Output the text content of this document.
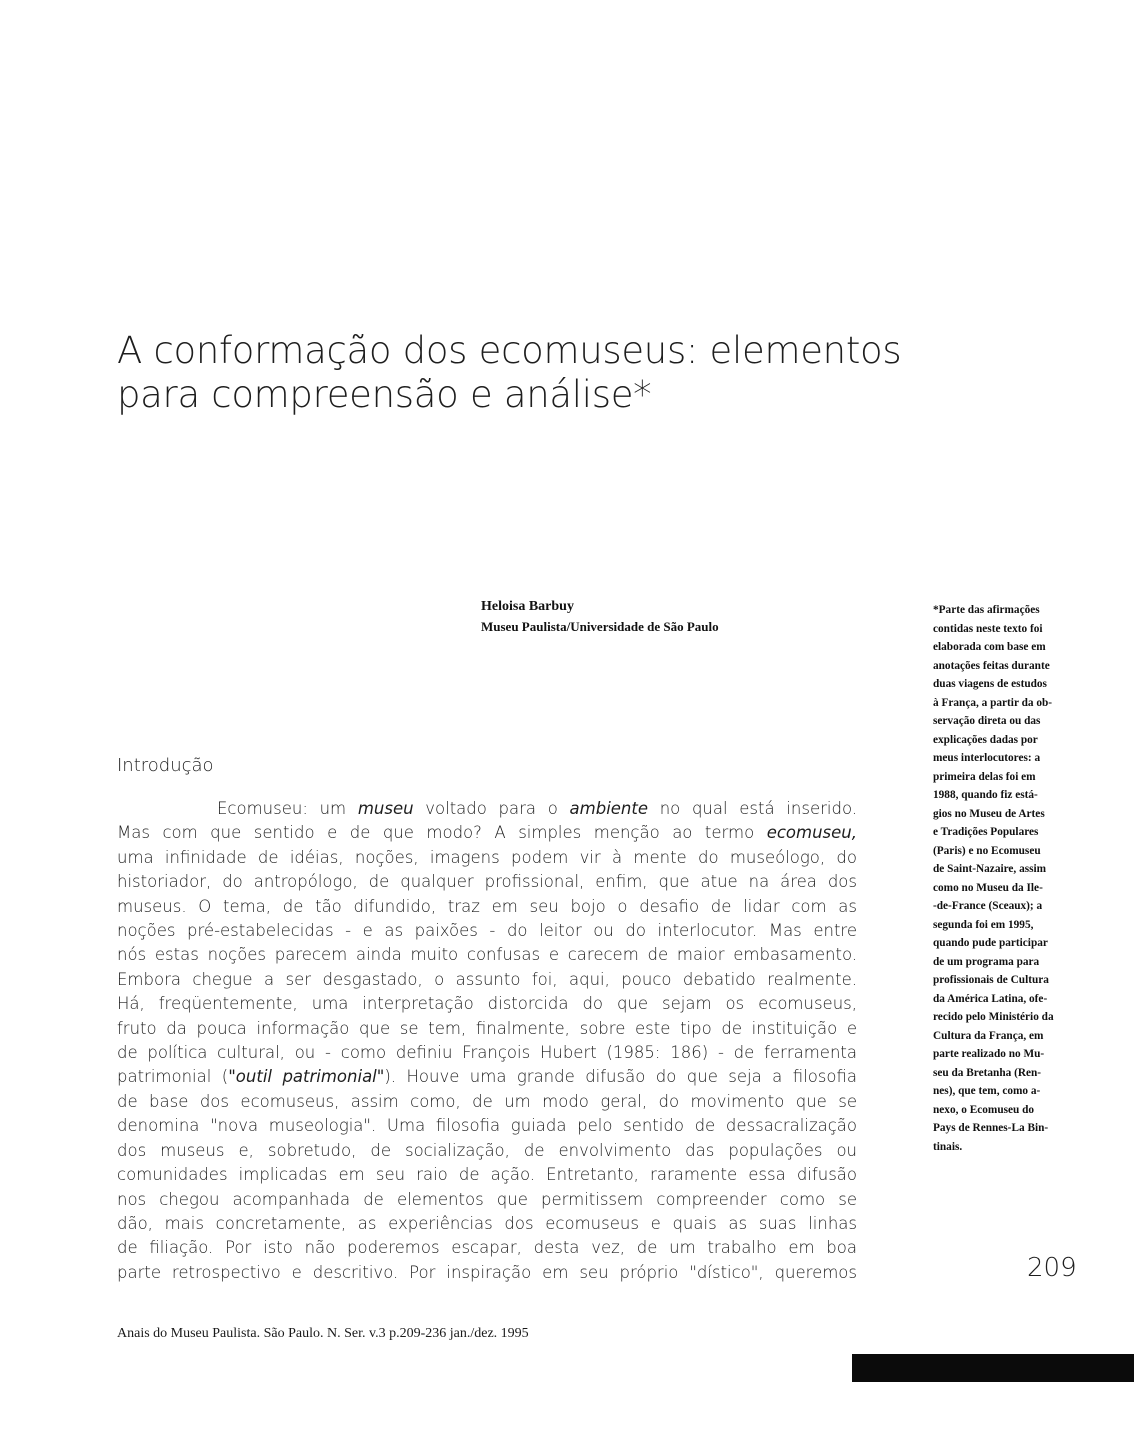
A conformação dos ecomuseus: elementos
para compreensão e análise*
Heloisa Barbuy
Museu Paulista/Universidade de São Paulo

*Parte das afirmações
contidas neste texto foi
elaborada com base em
anotações feitas durante
duas viagens de estudos
à França, a partir da ob-
servação direta ou das
explicações dadas por
meus interlocutores: a
primeira delas foi em
1988, quando fiz está-
gios no Museu de Artes
e Tradições Populares
(Paris) e no Ecomuseu
de Saint-Nazaire, assim
como no Museu da Ile-
-de-France (Sceaux); a
segunda foi em 1995,
quando pude participar
de um programa para
profissionais de Cultura
da América Latina, ofe-
recido pelo Ministério da
Cultura da França, em
parte realizado no Mu-
seu da Bretanha (Ren-
nes), que tem, como a-
nexo, o Ecomuseu do
Pays de Rennes-La Bin-
tinais.

Introdução

Ecomuseu: um museu voltado para o ambiente no qual está inserido.
Mas com que sentido e de que modo? A simples menção ao termo ecomuseu,
uma infinidade de idéias, noções, imagens podem vir à mente do museólogo, do
historiador, do antropólogo, de qualquer profissional, enfim, que atue na área dos
museus. O tema, de tão difundido, traz em seu bojo o desafio de lidar com as
noções pré-estabelecidas - e as paixões - do leitor ou do interlocutor. Mas entre
nós estas noções parecem ainda muito confusas e carecem de maior embasamento.
Embora chegue a ser desgastado, o assunto foi, aqui, pouco debatido realmente.
Há, freqüentemente, uma interpretação distorcida do que sejam os ecomuseus,
fruto da pouca informação que se tem, finalmente, sobre este tipo de instituição e
de política cultural, ou - como definiu François Hubert (1985: 186) - de ferramenta
patrimonial ("outil patrimonial"). Houve uma grande difusão do que seja a filosofia
de base dos ecomuseus, assim como, de um modo geral, do movimento que se
denomina "nova museologia". Uma filosofia guiada pelo sentido de dessacralização
dos museus e, sobretudo, de socialização, de envolvimento das populações ou
comunidades implicadas em seu raio de ação. Entretanto, raramente essa difusão
nos chegou acompanhada de elementos que permitissem compreender como se
dão, mais concretamente, as experiências dos ecomuseus e quais as suas linhas
de filiação. Por isto não poderemos escapar, desta vez, de um trabalho em boa
parte retrospectivo e descritivo. Por inspiração em seu próprio "dístico", queremos	209
Anais do Museu Paulista. São Paulo. N. Ser. v.3 p.209-236 jan./dez. 1995
